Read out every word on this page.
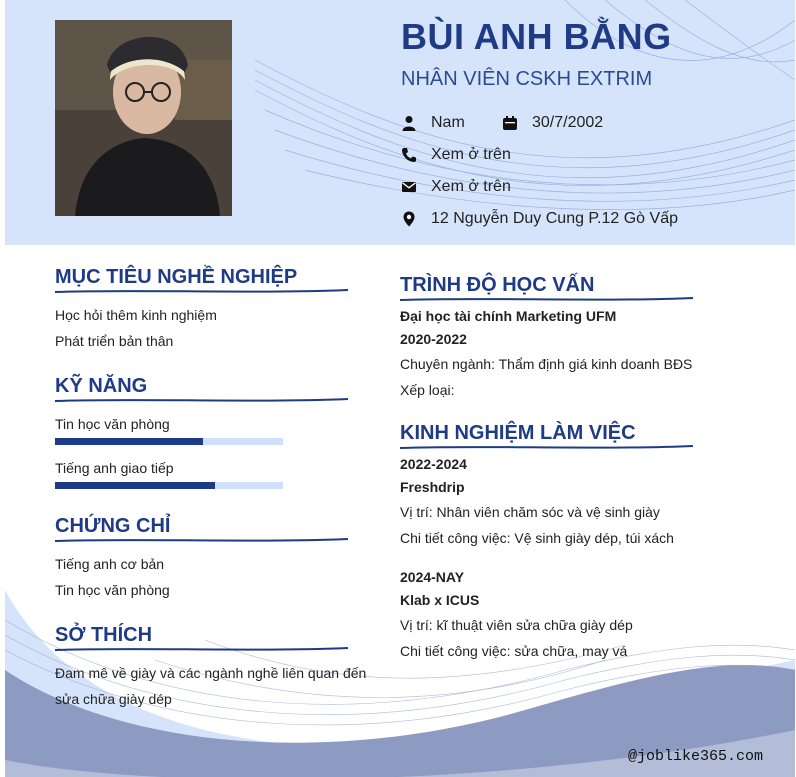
BÙI ANH BẰNG
NHÂN VIÊN CSKH EXTRIM
Nam	30/7/2002
Xem ở trên
Xem ở trên
12 Nguyễn Duy Cung P.12 Gò Vấp
MỤC TIÊU NGHỀ NGHIỆP
Học hỏi thêm kinh nghiệm
Phát triển bản thân
KỸ NĂNG
Tin học văn phòng
Tiếng anh giao tiếp
CHỨNG CHỈ
Tiếng anh cơ bản
Tin học văn phòng
SỞ THÍCH
Đam mê về giày và các ngành nghề liên quan đến
sửa chữa giày dép
TRÌNH ĐỘ HỌC VẤN
Đại học tài chính Marketing UFM
2020-2022
Chuyên ngành: Thẩm định giá kinh doanh BĐS
Xếp loại:
KINH NGHIỆM LÀM VIỆC
2022-2024
Freshdrip
Vị trí: Nhân viên chăm sóc và vệ sinh giày
Chi tiết công việc: Vệ sinh giày dép, túi xách
2024-NAY
Klab x ICUS
Vị trí: kĩ thuật viên sửa chữa giày dép
Chi tiết công việc: sửa chữa, may vá
@joblike365.com
